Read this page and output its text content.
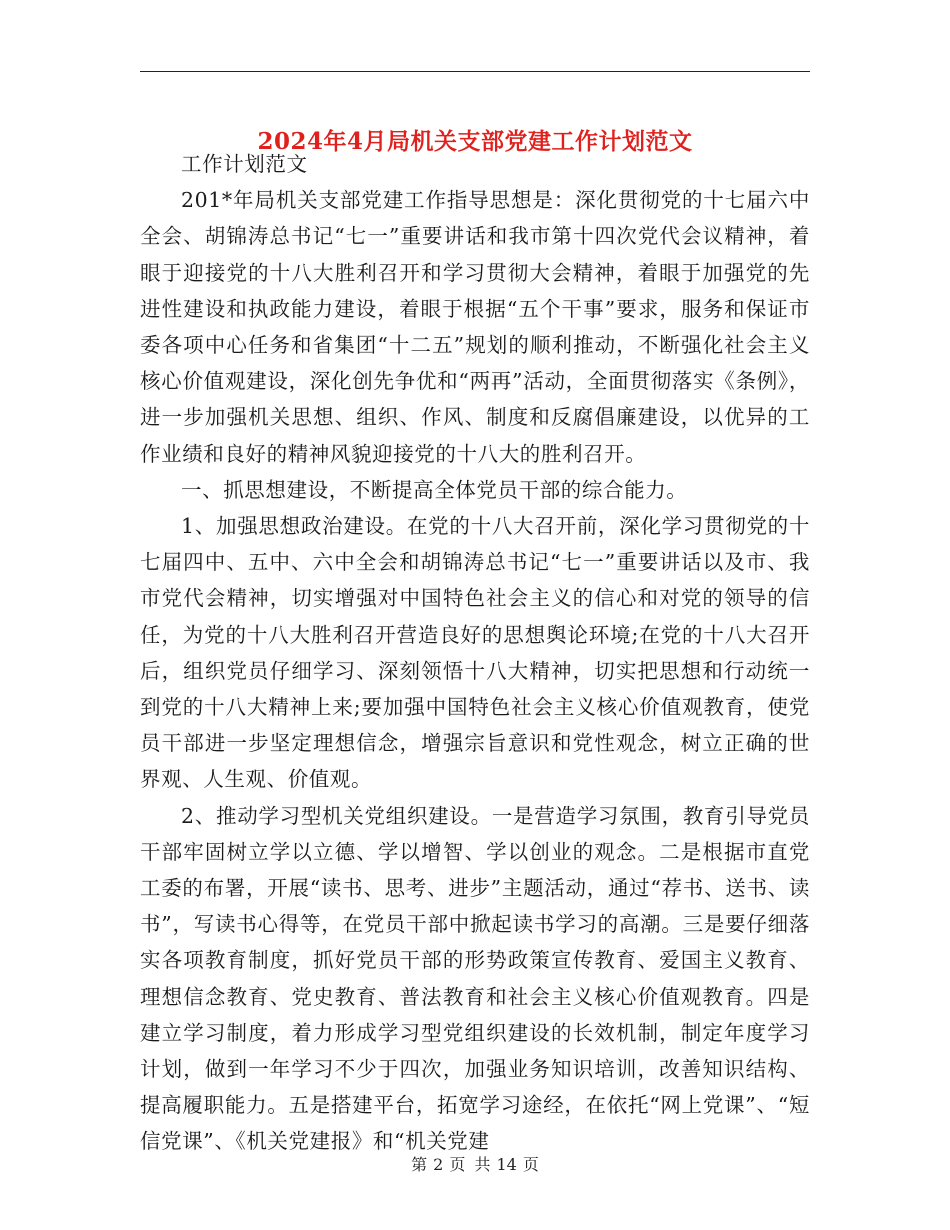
2024年4月局机关支部党建工作计划范文

工作计划范文

201*年局机关支部党建工作指导思想是：深化贯彻党的十七届六中全会、胡锦涛总书记“七一”重要讲话和我市第十四次党代会议精神，着眼于迎接党的十八大胜利召开和学习贯彻大会精神，着眼于加强党的先进性建设和执政能力建设，着眼于根据“五个干事”要求，服务和保证市委各项中心任务和省集团“十二五”规划的顺利推动，不断强化社会主义核心价值观建设，深化创先争优和“两再”活动，全面贯彻落实《条例》，进一步加强机关思想、组织、作风、制度和反腐倡廉建设，以优异的工作业绩和良好的精神风貌迎接党的十八大的胜利召开。

一、抓思想建设，不断提高全体党员干部的综合能力。

1、加强思想政治建设。在党的十八大召开前，深化学习贯彻党的十七届四中、五中、六中全会和胡锦涛总书记“七一”重要讲话以及市、我市党代会精神，切实增强对中国特色社会主义的信心和对党的领导的信任，为党的十八大胜利召开营造良好的思想舆论环境;在党的十八大召开后，组织党员仔细学习、深刻领悟十八大精神，切实把思想和行动统一到党的十八大精神上来;要加强中国特色社会主义核心价值观教育，使党员干部进一步坚定理想信念，增强宗旨意识和党性观念，树立正确的世界观、人生观、价值观。

2、推动学习型机关党组织建设。一是营造学习氛围，教育引导党员干部牢固树立学以立德、学以增智、学以创业的观念。二是根据市直党工委的布署，开展“读书、思考、进步”主题活动，通过“荐书、送书、读书”，写读书心得等，在党员干部中掀起读书学习的高潮。三是要仔细落实各项教育制度，抓好党员干部的形势政策宣传教育、爱国主义教育、理想信念教育、党史教育、普法教育和社会主义核心价值观教育。四是建立学习制度，着力形成学习型党组织建设的长效机制，制定年度学习计划，做到一年学习不少于四次，加强业务知识培训，改善知识结构、提高履职能力。五是搭建平台，拓宽学习途经，在依托“网上党课”、“短信党课”、《机关党建报》和“机关党建

第 2 页 共 14 页
